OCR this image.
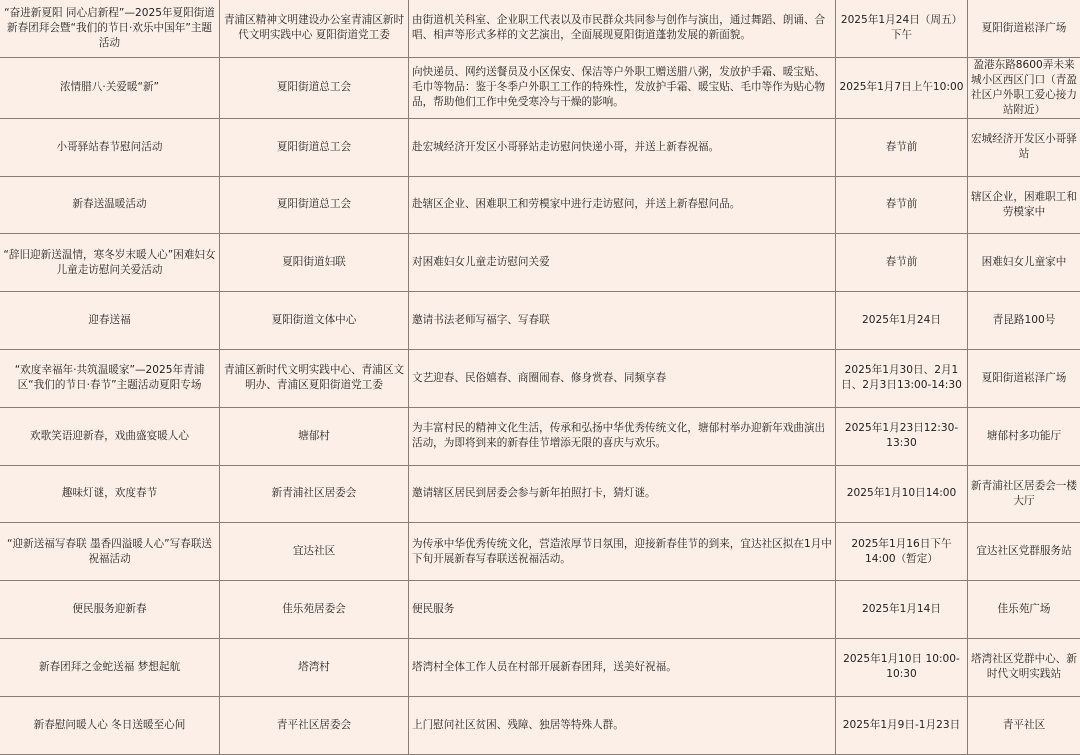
“奋进新夏阳 同心启新程”—2025年夏阳街道新春团拜会暨“我们的节日·欢乐中国年”主题活动	青浦区精神文明建设办公室青浦区新时代文明实践中心 夏阳街道党工委	由街道机关科室、企业职工代表以及市民群众共同参与创作与演出，通过舞蹈、朗诵、合唱、相声等形式多样的文艺演出，全面展现夏阳街道蓬勃发展的新面貌。	2025年1月24日（周五）下午	夏阳街道崧泽广场
浓情腊八·关爱暖“新”	夏阳街道总工会	向快递员、网约送餐员及小区保安、保洁等户外职工赠送腊八粥，发放护手霜、暖宝贴、毛巾等物品：鉴于冬季户外职工工作的特殊性，发放护手霜、暖宝贴、毛巾等作为贴心物品，帮助他们工作中免受寒冷与干燥的影响。	2025年1月7日上午10:00	盈港东路8600弄未来城小区西区门口（青盈社区户外职工爱心接力站附近）
小哥驿站春节慰问活动	夏阳街道总工会	赴宏城经济开发区小哥驿站走访慰问快递小哥，并送上新春祝福。	春节前	宏城经济开发区小哥驿站
新春送温暖活动	夏阳街道总工会	赴辖区企业、困难职工和劳模家中进行走访慰问，并送上新春慰问品。	春节前	辖区企业，困难职工和劳模家中
“辞旧迎新送温情，寒冬岁末暖人心”困难妇女儿童走访慰问关爱活动	夏阳街道妇联	对困难妇女儿童走访慰问关爱	春节前	困难妇女儿童家中
迎春送福	夏阳街道文体中心	邀请书法老师写福字、写春联	2025年1月24日	青昆路100号
“欢度幸福年·共筑温暖家”—2025年青浦区“我们的节日·春节”主题活动夏阳专场	青浦区新时代文明实践中心、青浦区文明办、青浦区夏阳街道党工委	文艺迎春、民俗嬉春、商圈闹春、修身赏春、同频享春	2025年1月30日、2月1日、2月3日13:00-14:30	夏阳街道崧泽广场
欢歌笑语迎新春，戏曲盛宴暖人心	塘郁村	为丰富村民的精神文化生活，传承和弘扬中华优秀传统文化，塘郁村举办迎新年戏曲演出活动，为即将到来的新春佳节增添无限的喜庆与欢乐。	2025年1月23日12:30-13:30	塘郁村多功能厅
趣味灯谜，欢度春节	新青浦社区居委会	邀请辖区居民到居委会参与新年拍照打卡，猜灯谜。	2025年1月10日14:00	新青浦社区居委会一楼大厅
“迎新送福写春联 墨香四溢暖人心”写春联送祝福活动	宜达社区	为传承中华优秀传统文化，营造浓厚节日氛围，迎接新春佳节的到来，宜达社区拟在1月中下旬开展新春写春联送祝福活动。	2025年1月16日下午14:00（暂定）	宜达社区党群服务站
便民服务迎新春	佳乐苑居委会	便民服务	2025年1月14日	佳乐苑广场
新春团拜之金蛇送福 梦想起航	塔湾村	塔湾村全体工作人员在村部开展新春团拜，送美好祝福。	2025年1月10日 10:00-10:30	塔湾社区党群中心、新时代文明实践站
新春慰问暖人心 冬日送暖至心间	青平社区居委会	上门慰问社区贫困、残障、独居等特殊人群。	2025年1月9日-1月23日	青平社区
